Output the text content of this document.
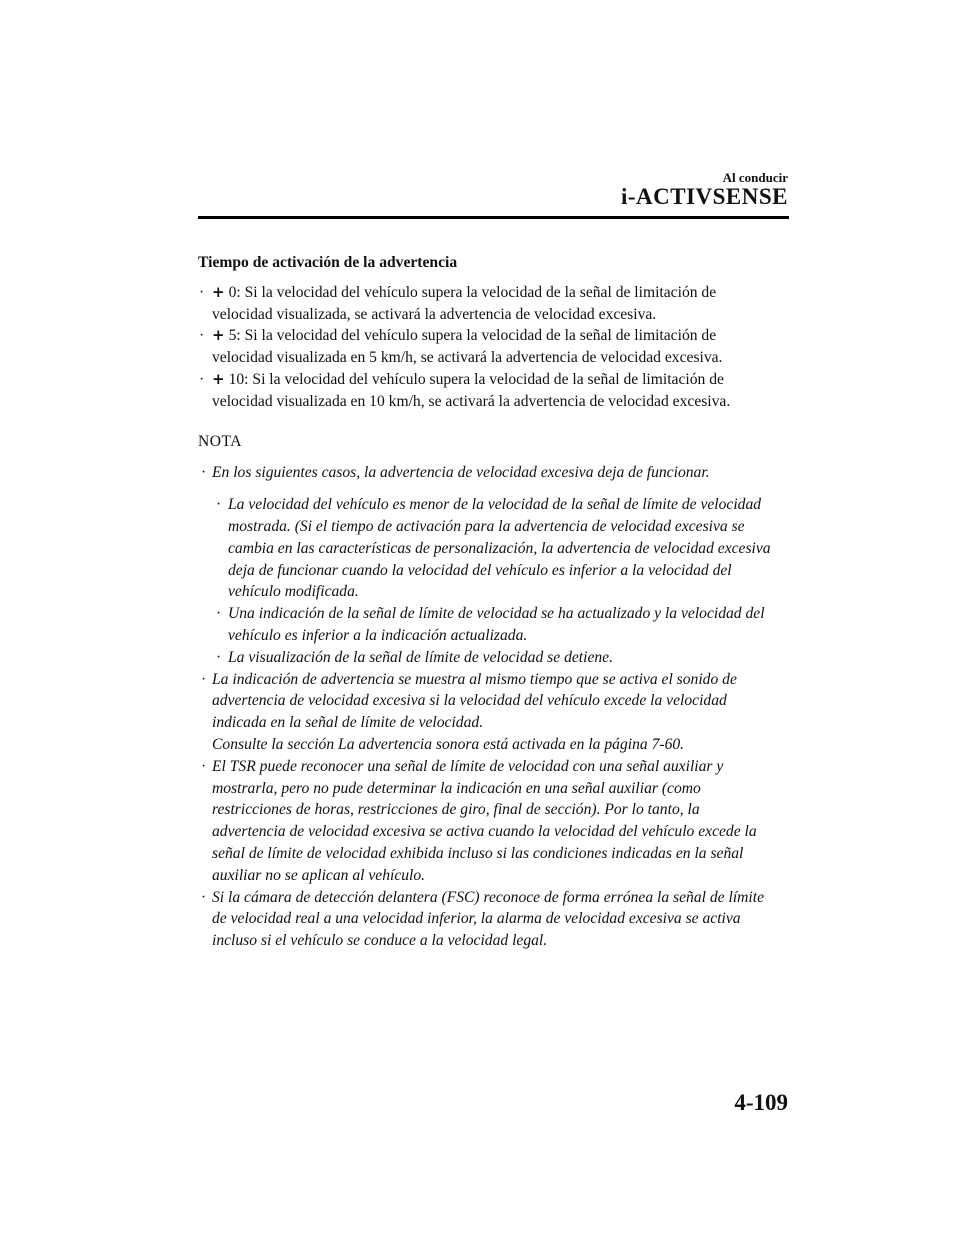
Al conducir
i-ACTIVSENSE
Tiempo de activación de la advertencia
· + 0: Si la velocidad del vehículo supera la velocidad de la señal de limitación de
velocidad visualizada, se activará la advertencia de velocidad excesiva.
· + 5: Si la velocidad del vehículo supera la velocidad de la señal de limitación de
velocidad visualizada en 5 km/h, se activará la advertencia de velocidad excesiva.
· + 10: Si la velocidad del vehículo supera la velocidad de la señal de limitación de
velocidad visualizada en 10 km/h, se activará la advertencia de velocidad excesiva.
NOTA
· En los siguientes casos, la advertencia de velocidad excesiva deja de funcionar.
· La velocidad del vehículo es menor de la velocidad de la señal de límite de velocidad
mostrada. (Si el tiempo de activación para la advertencia de velocidad excesiva se
cambia en las características de personalización, la advertencia de velocidad excesiva
deja de funcionar cuando la velocidad del vehículo es inferior a la velocidad del
vehículo modificada.
· Una indicación de la señal de límite de velocidad se ha actualizado y la velocidad del
vehículo es inferior a la indicación actualizada.
· La visualización de la señal de límite de velocidad se detiene.
· La indicación de advertencia se muestra al mismo tiempo que se activa el sonido de
advertencia de velocidad excesiva si la velocidad del vehículo excede la velocidad
indicada en la señal de límite de velocidad.
Consulte la sección La advertencia sonora está activada en la página 7-60.
· El TSR puede reconocer una señal de límite de velocidad con una señal auxiliar y
mostrarla, pero no pude determinar la indicación en una señal auxiliar (como
restricciones de horas, restricciones de giro, final de sección). Por lo tanto, la
advertencia de velocidad excesiva se activa cuando la velocidad del vehículo excede la
señal de límite de velocidad exhibida incluso si las condiciones indicadas en la señal
auxiliar no se aplican al vehículo.
· Si la cámara de detección delantera (FSC) reconoce de forma errónea la señal de límite
de velocidad real a una velocidad inferior, la alarma de velocidad excesiva se activa
incluso si el vehículo se conduce a la velocidad legal.
4-109
